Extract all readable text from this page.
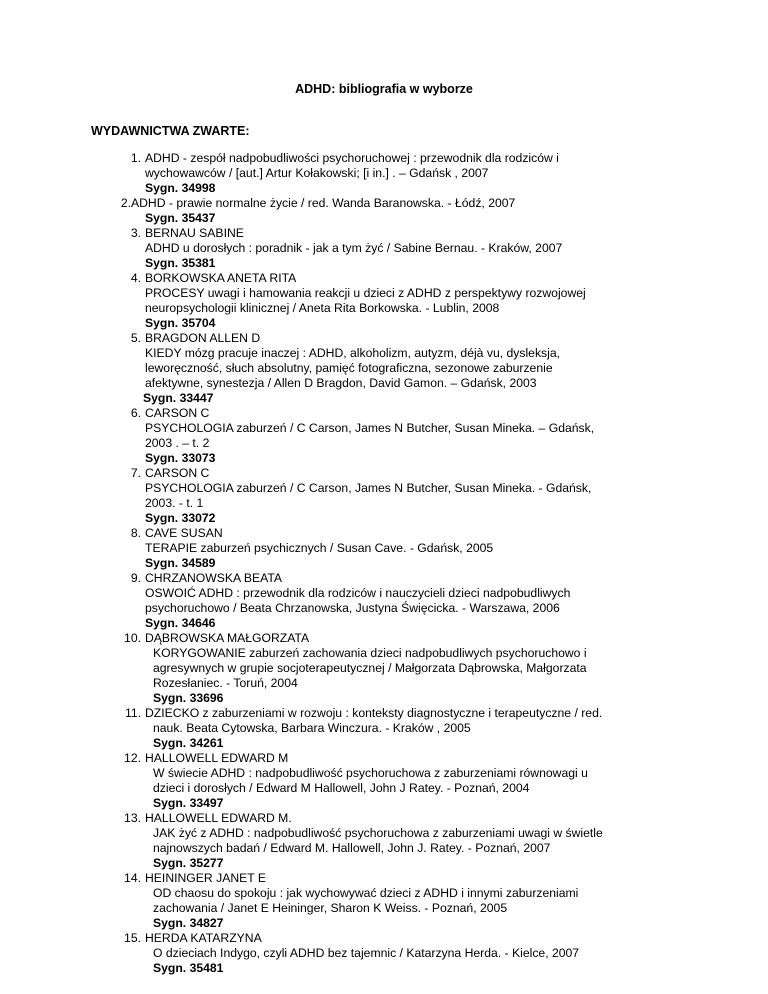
ADHD: bibliografia w wyborze
WYDAWNICTWA ZWARTE:
1. ADHD - zespół nadpobudliwości psychoruchowej : przewodnik dla rodziców i
wychowawców / [aut.] Artur Kołakowski; [i in.] . – Gdańsk , 2007
Sygn. 34998
2. ADHD - prawie normalne życie / red. Wanda Baranowska. - Łódź, 2007
Sygn. 35437
3. BERNAU SABINE
ADHD u dorosłych : poradnik - jak a tym żyć / Sabine Bernau. - Kraków, 2007
Sygn. 35381
4. BORKOWSKA ANETA RITA
PROCESY uwagi i hamowania reakcji u dzieci z ADHD z perspektywy rozwojowej
neuropsychologii klinicznej / Aneta Rita Borkowska. - Lublin, 2008
Sygn. 35704
5. BRAGDON ALLEN D
KIEDY mózg pracuje inaczej : ADHD, alkoholizm, autyzm, déjà vu, dysleksja,
leworęczność, słuch absolutny, pamięć fotograficzna, sezonowe zaburzenie
afektywne, synestezja / Allen D Bragdon, David Gamon. – Gdańsk, 2003
Sygn. 33447
6. CARSON C
PSYCHOLOGIA zaburzeń / C Carson, James N Butcher, Susan Mineka. – Gdańsk,
2003 . – t. 2
Sygn. 33073
7. CARSON C
PSYCHOLOGIA zaburzeń / C Carson, James N Butcher, Susan Mineka. - Gdańsk,
2003. - t. 1
Sygn. 33072
8. CAVE SUSAN
TERAPIE zaburzeń psychicznych / Susan Cave. - Gdańsk, 2005
Sygn. 34589
9. CHRZANOWSKA BEATA
OSWOIĆ ADHD : przewodnik dla rodziców i nauczycieli dzieci nadpobudliwych
psychoruchowo / Beata Chrzanowska, Justyna Święcicka. - Warszawa, 2006
Sygn. 34646
10. DĄBROWSKA MAŁGORZATA
KORYGOWANIE zaburzeń zachowania dzieci nadpobudliwych psychoruchowo i
agresywnych w grupie socjoterapeutycznej / Małgorzata Dąbrowska, Małgorzata
Rozesłaniec. - Toruń, 2004
Sygn. 33696
11. DZIECKO z zaburzeniami w rozwoju : konteksty diagnostyczne i terapeutyczne / red.
nauk. Beata Cytowska, Barbara Winczura. - Kraków , 2005
Sygn. 34261
12. HALLOWELL EDWARD M
W świecie ADHD : nadpobudliwość psychoruchowa z zaburzeniami równowagi u
dzieci i dorosłych / Edward M Hallowell, John J Ratey. - Poznań, 2004
Sygn. 33497
13. HALLOWELL EDWARD M.
JAK żyć z ADHD : nadpobudliwość psychoruchowa z zaburzeniami uwagi w świetle
najnowszych badań / Edward M. Hallowell, John J. Ratey. - Poznań, 2007
Sygn. 35277
14. HEININGER JANET E
OD chaosu do spokoju : jak wychowywać dzieci z ADHD i innymi zaburzeniami
zachowania / Janet E Heininger, Sharon K Weiss. - Poznań, 2005
Sygn. 34827
15. HERDA KATARZYNA
O dzieciach Indygo, czyli ADHD bez tajemnic / Katarzyna Herda. - Kielce, 2007
Sygn. 35481
